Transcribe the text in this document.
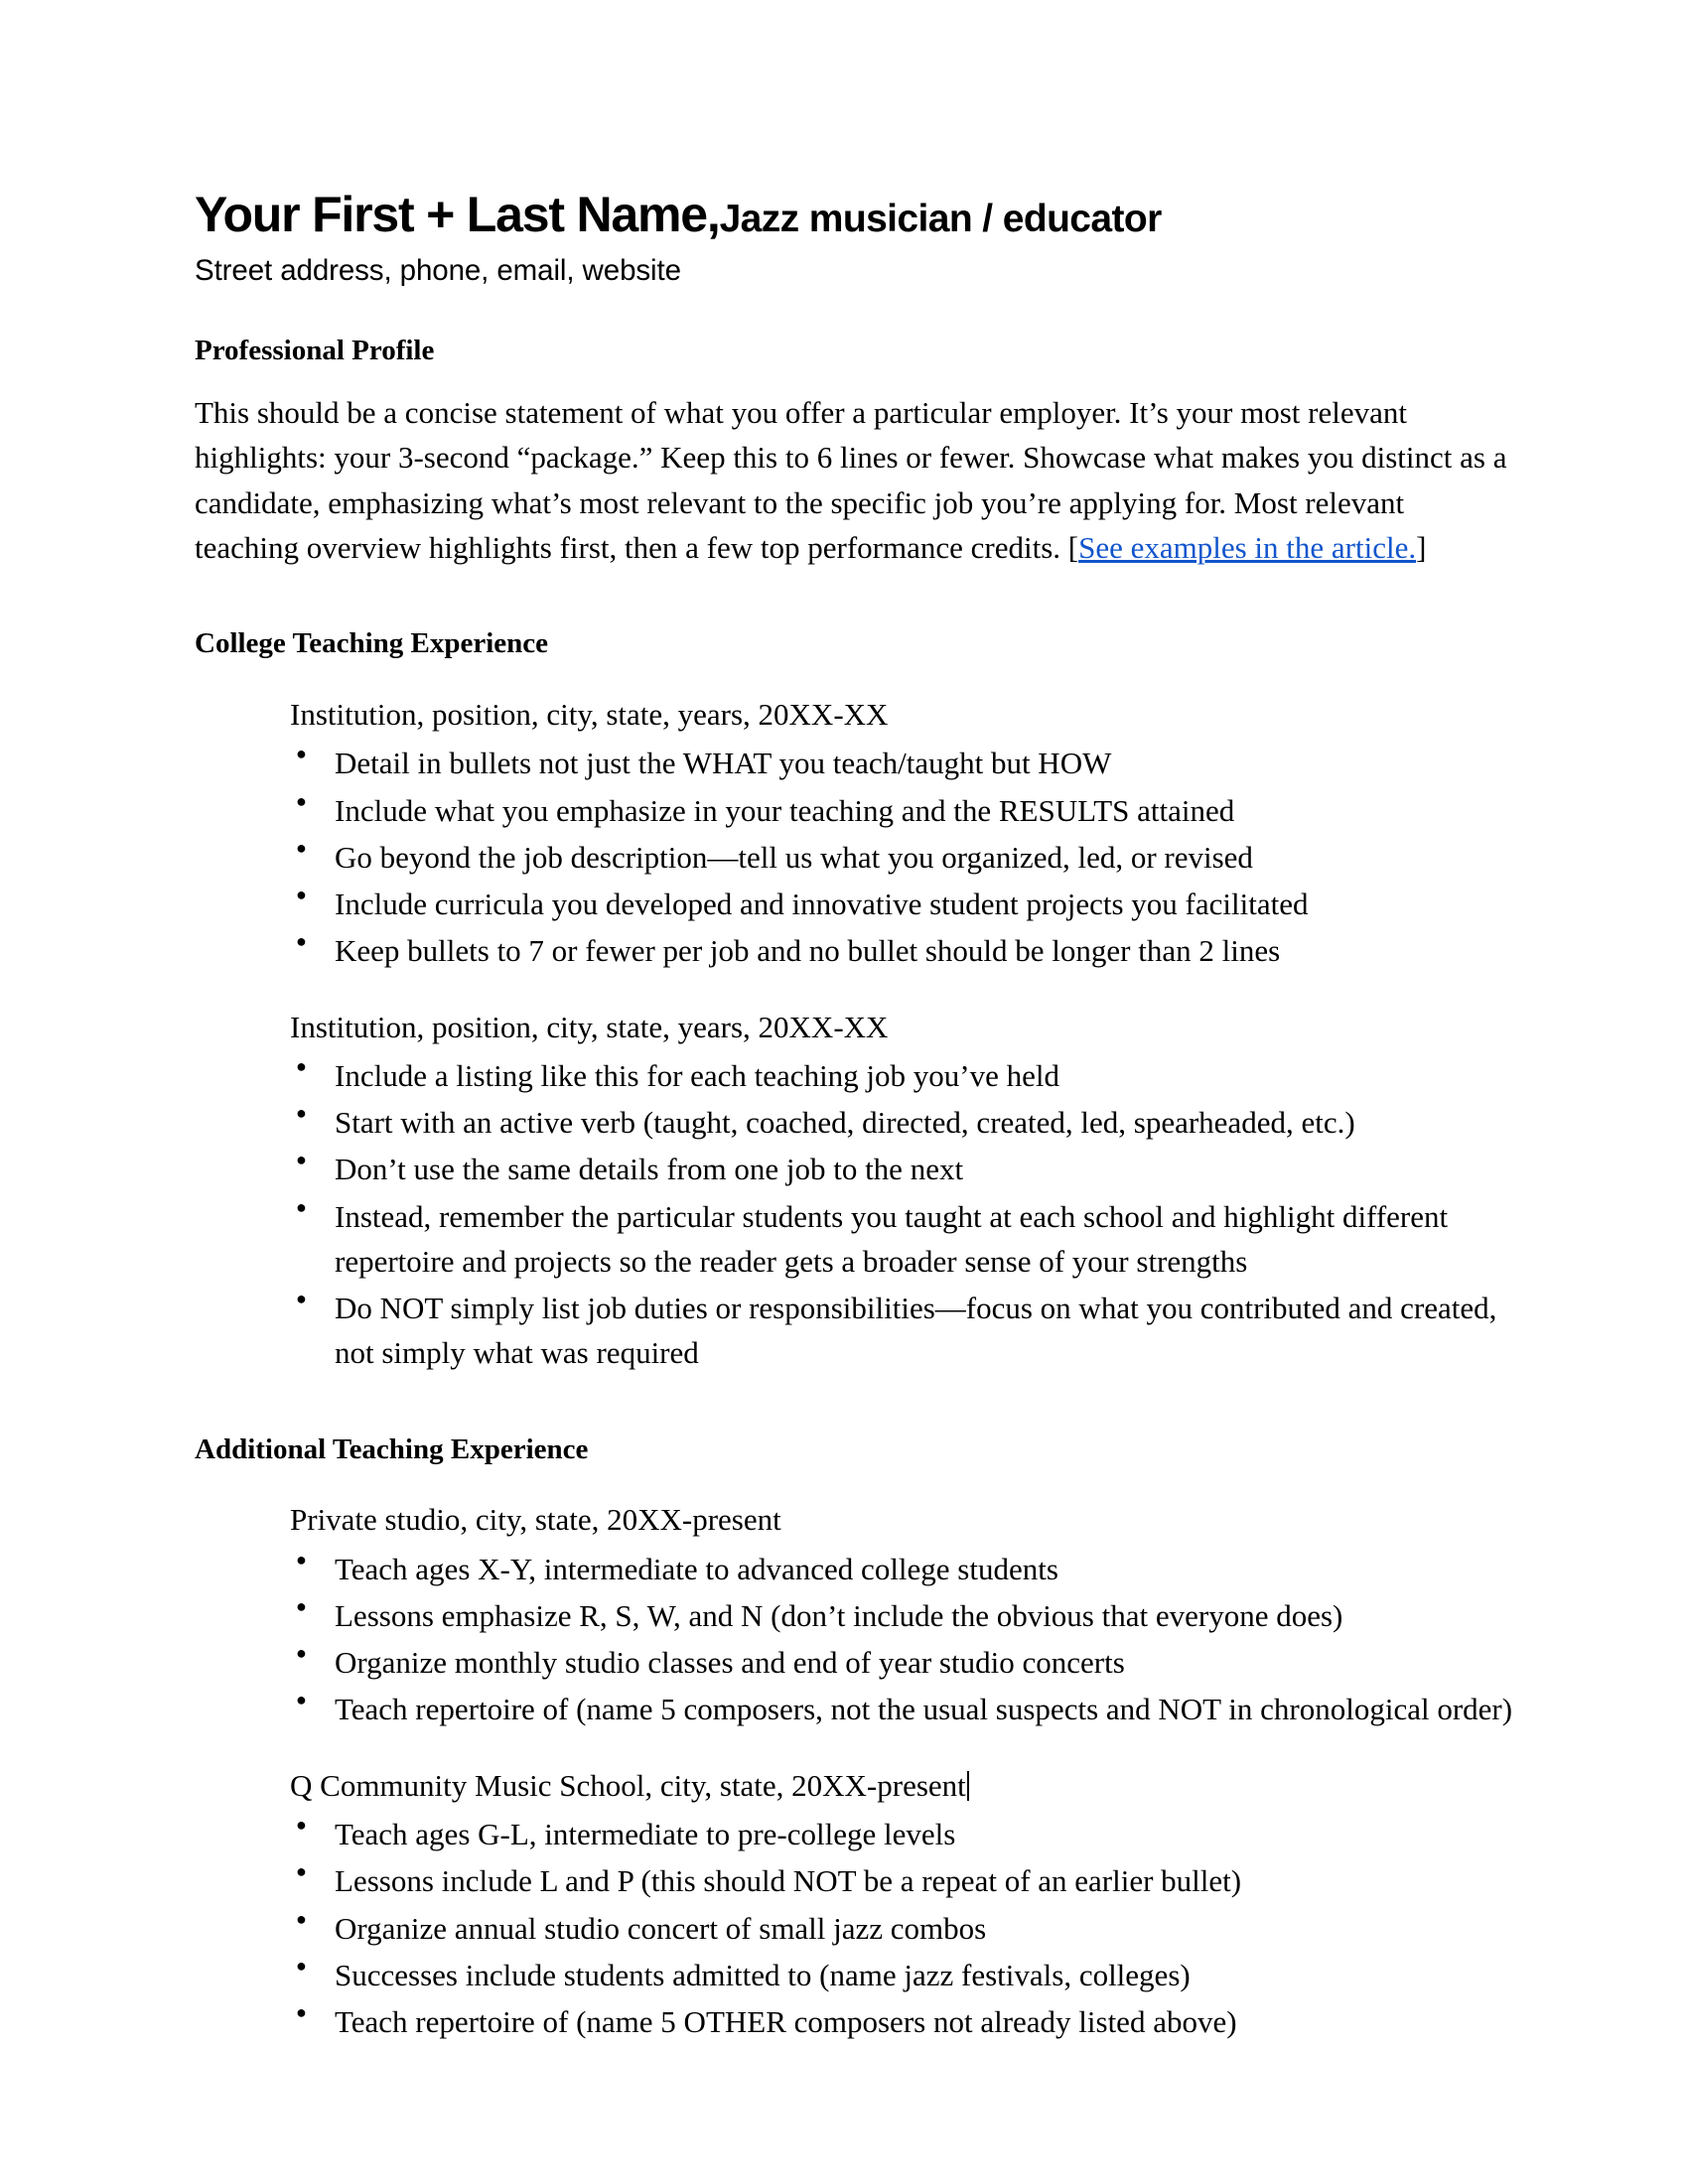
Your First + Last Name,Jazz musician / educator
Street address, phone, email, website
Professional Profile

This should be a concise statement of what you offer a particular employer. It’s your most relevant highlights: your 3-second “package.” Keep this to 6 lines or fewer. Showcase what makes you distinct as a candidate, emphasizing what’s most relevant to the specific job you’re applying for. Most relevant teaching overview highlights first, then a few top performance credits. [See examples in the article.]

College Teaching Experience
Institution, position, city, state, years, 20XX-XX
● Detail in bullets not just the WHAT you teach/taught but HOW
● Include what you emphasize in your teaching and the RESULTS attained
● Go beyond the job description—tell us what you organized, led, or revised
● Include curricula you developed and innovative student projects you facilitated
● Keep bullets to 7 or fewer per job and no bullet should be longer than 2 lines
Institution, position, city, state, years, 20XX-XX
● Include a listing like this for each teaching job you’ve held
● Start with an active verb (taught, coached, directed, created, led, spearheaded, etc.)
● Don’t use the same details from one job to the next
● Instead, remember the particular students you taught at each school and highlight different repertoire and projects so the reader gets a broader sense of your strengths
● Do NOT simply list job duties or responsibilities—focus on what you contributed and created, not simply what was required
Additional Teaching Experience
Private studio, city, state, 20XX-present
● Teach ages X-Y, intermediate to advanced college students
● Lessons emphasize R, S, W, and N (don’t include the obvious that everyone does)
● Organize monthly studio classes and end of year studio concerts
● Teach repertoire of (name 5 composers, not the usual suspects and NOT in chronological order)
Q Community Music School, city, state, 20XX-present
● Teach ages G-L, intermediate to pre-college levels
● Lessons include L and P (this should NOT be a repeat of an earlier bullet)
● Organize annual studio concert of small jazz combos
● Successes include students admitted to (name jazz festivals, colleges)
● Teach repertoire of (name 5 OTHER composers not already listed above)
